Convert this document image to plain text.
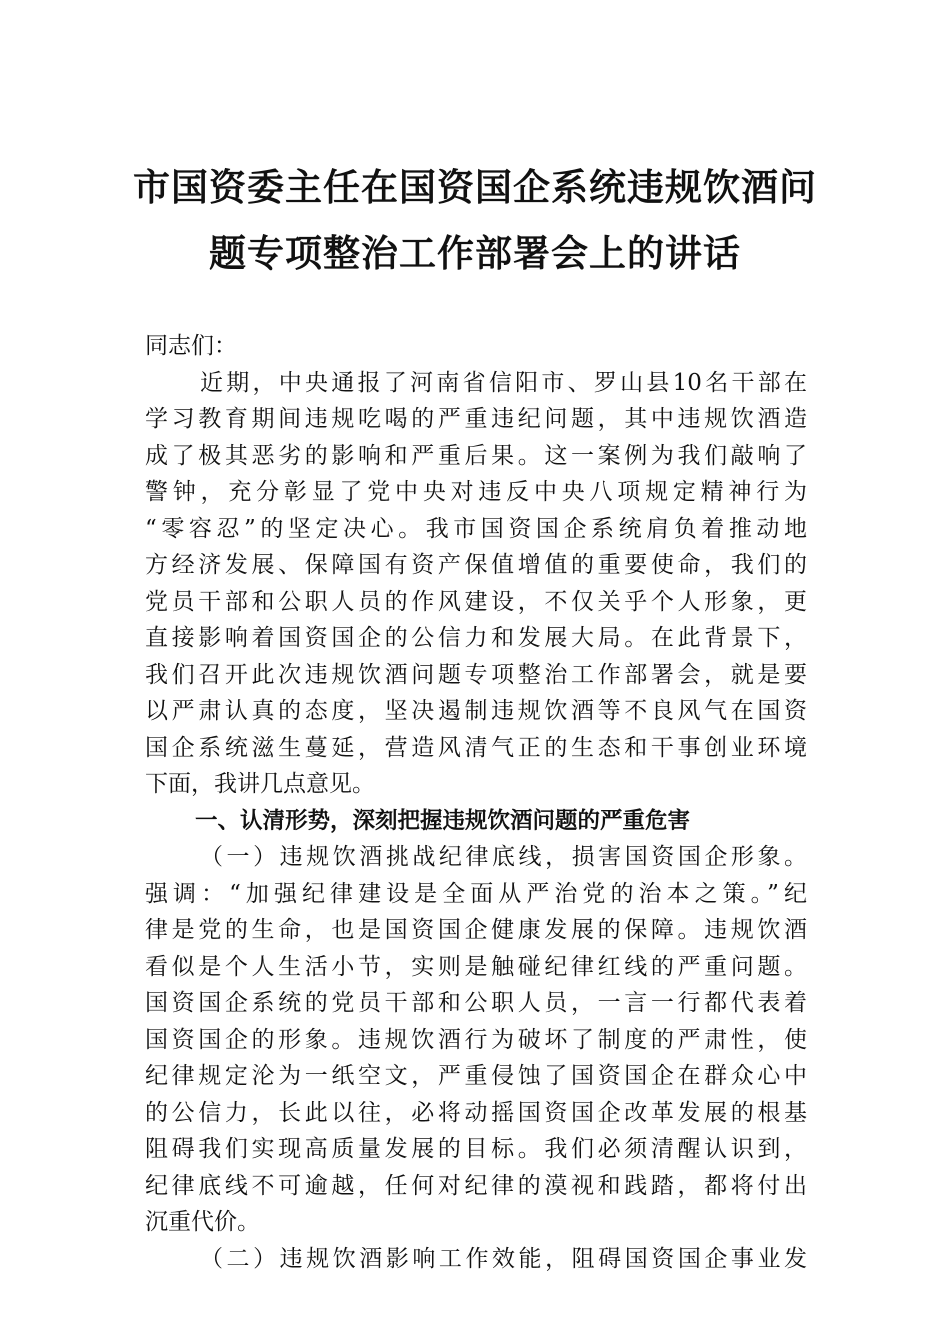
市国资委主任在国资国企系统违规饮酒问
题专项整治工作部署会上的讲话
同志们：
近期，中央通报了河南省信阳市、罗山县10名干部在
学习教育期间违规吃喝的严重违纪问题，其中违规饮酒造
成了极其恶劣的影响和严重后果。这一案例为我们敲响了
警钟，充分彰显了党中央对违反中央八项规定精神行为
“零容忍”的坚定决心。我市国资国企系统肩负着推动地
方经济发展、保障国有资产保值增值的重要使命，我们的
党员干部和公职人员的作风建设，不仅关乎个人形象，更
直接影响着国资国企的公信力和发展大局。在此背景下，
我们召开此次违规饮酒问题专项整治工作部署会，就是要
以严肃认真的态度，坚决遏制违规饮酒等不良风气在国资
国企系统滋生蔓延，营造风清气正的生态和干事创业环境
下面，我讲几点意见。
一、认清形势，深刻把握违规饮酒问题的严重危害
（一）违规饮酒挑战纪律底线，损害国资国企形象。
强调：“加强纪律建设是全面从严治党的治本之策。”纪
律是党的生命，也是国资国企健康发展的保障。违规饮酒
看似是个人生活小节，实则是触碰纪律红线的严重问题。
国资国企系统的党员干部和公职人员，一言一行都代表着
国资国企的形象。违规饮酒行为破坏了制度的严肃性，使
纪律规定沦为一纸空文，严重侵蚀了国资国企在群众心中
的公信力，长此以往，必将动摇国资国企改革发展的根基
阻碍我们实现高质量发展的目标。我们必须清醒认识到，
纪律底线不可逾越，任何对纪律的漠视和践踏，都将付出
沉重代价。
（二）违规饮酒影响工作效能，阻碍国资国企事业发
